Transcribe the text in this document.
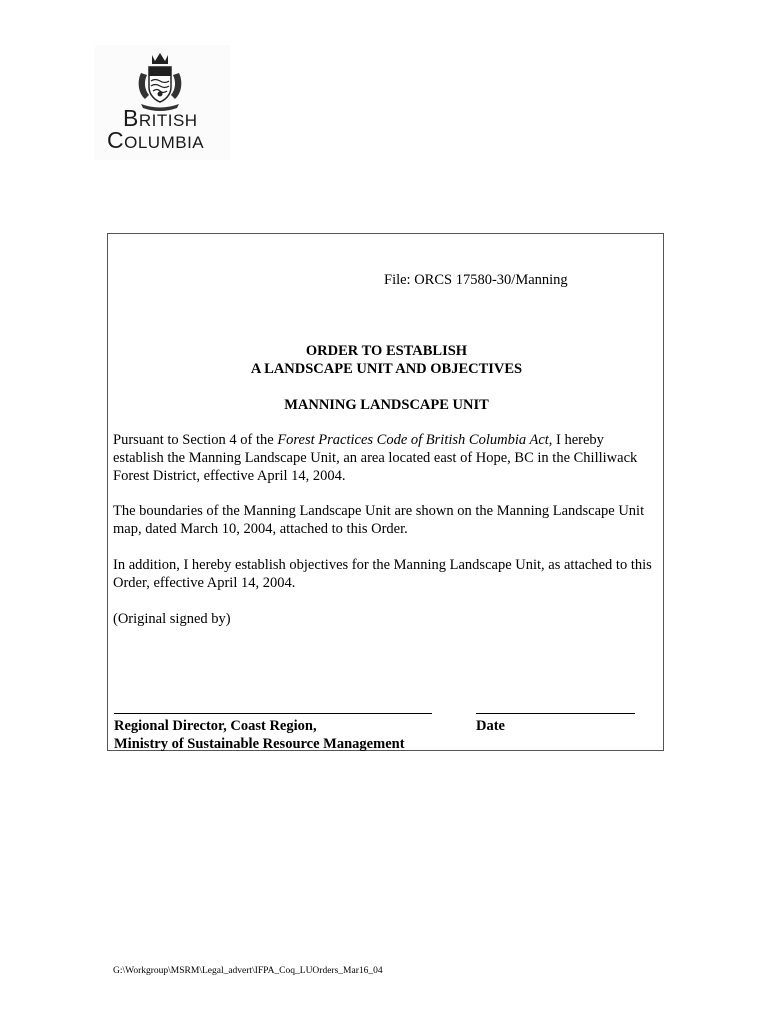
BRITISH
COLUMBIA
File: ORCS 17580-30/Manning
ORDER TO ESTABLISH
A LANDSCAPE UNIT AND OBJECTIVES
MANNING LANDSCAPE UNIT
Pursuant to Section 4 of the Forest Practices Code of British Columbia Act, I hereby establish the Manning Landscape Unit, an area located east of Hope, BC in the Chilliwack Forest District, effective April 14, 2004.
The boundaries of the Manning Landscape Unit are shown on the Manning Landscape Unit map, dated March 10, 2004, attached to this Order.
In addition, I hereby establish objectives for the Manning Landscape Unit, as attached to this Order, effective April 14, 2004.
(Original signed by)
Regional Director, Coast Region,
Ministry of Sustainable Resource Management
Date
G:\Workgroup\MSRM\Legal_advert\IFPA_Coq_LUOrders_Mar16_04
